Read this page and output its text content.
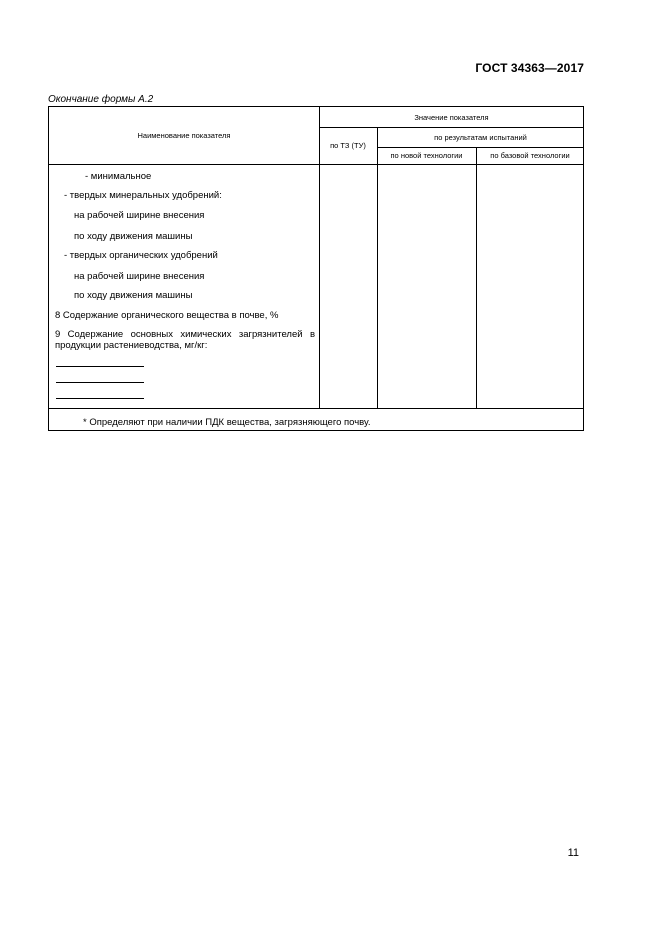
ГОСТ 34363—2017
Окончание формы А.2
Наименование показателя
Значение показателя
по ТЗ (ТУ)
по результатам испытаний
по новой технологии	по базовой технологии
- минимальное
- твердых минеральных удобрений:
на рабочей ширине внесения
по ходу движения машины
- твердых органических удобрений
на рабочей ширине внесения
по ходу движения машины
8 Содержание органического вещества в почве, %
9 Содержание основных химических загрязнителей в продукции растениеводства, мг/кг:
* Определяют при наличии ПДК вещества, загрязняющего почву.
11
